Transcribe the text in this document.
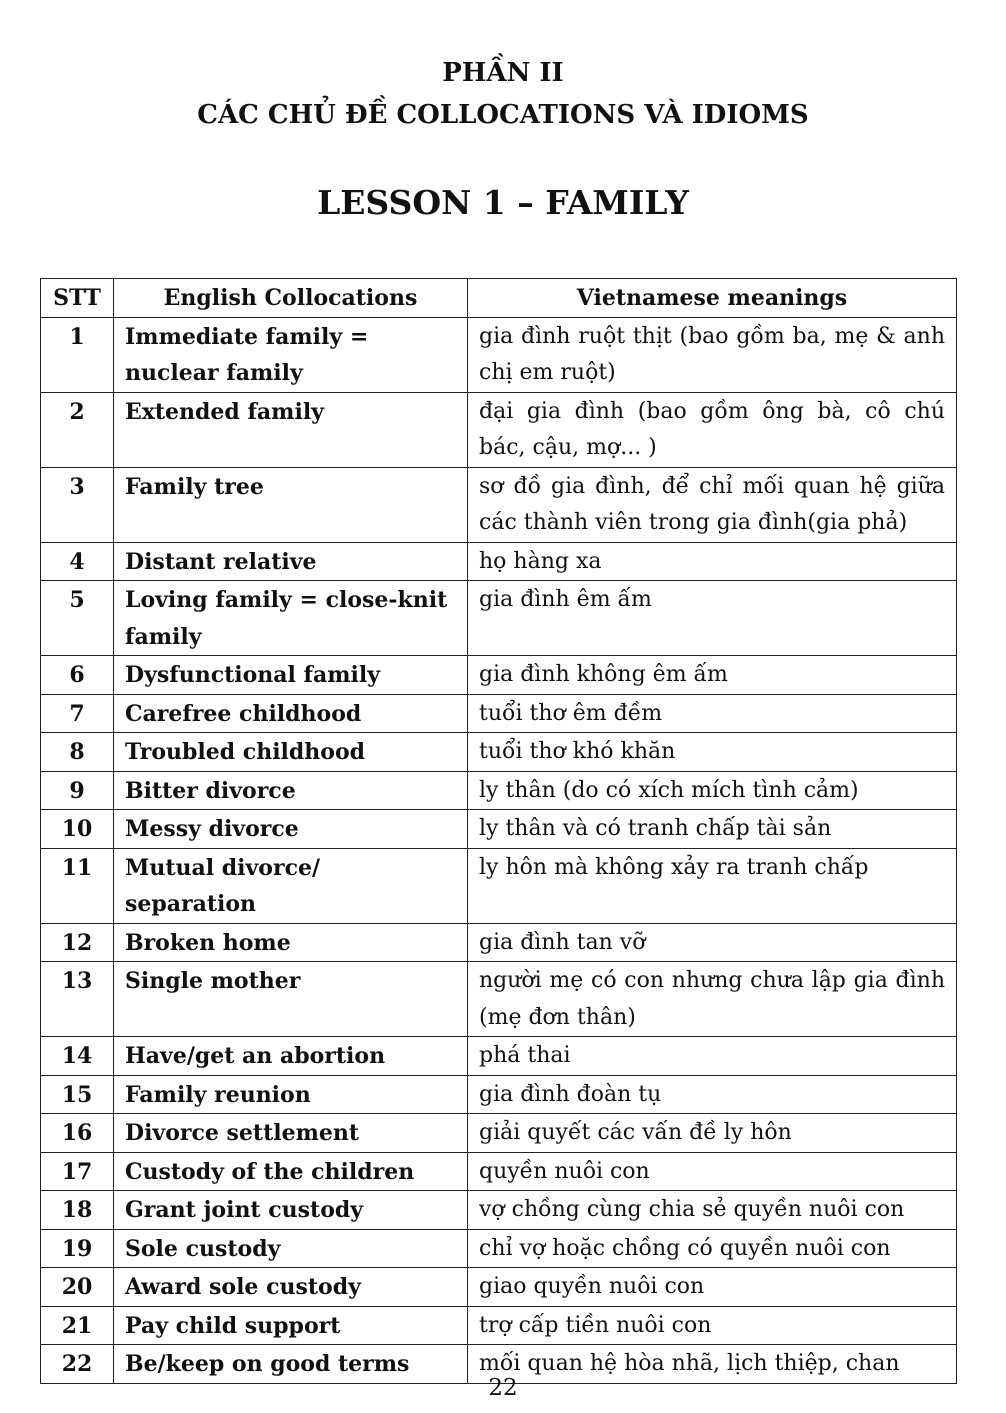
PHẦN II
CÁC CHỦ ĐỀ COLLOCATIONS VÀ IDIOMS
LESSON 1 – FAMILY
STT	English Collocations	Vietnamese meanings
1	Immediate family = nuclear family	gia đình ruột thịt (bao gồm ba, mẹ & anh chị em ruột)
2	Extended family	đại gia đình (bao gồm ông bà, cô chú bác, cậu, mợ... )
3	Family tree	sơ đồ gia đình, để chỉ mối quan hệ giữa các thành viên trong gia đình(gia phả)
4	Distant relative	họ hàng xa
5	Loving family = close-knit family	gia đình êm ấm
6	Dysfunctional family	gia đình không êm ấm
7	Carefree childhood	tuổi thơ êm đềm
8	Troubled childhood	tuổi thơ khó khăn
9	Bitter divorce	ly thân (do có xích mích tình cảm)
10	Messy divorce	ly thân và có tranh chấp tài sản
11	Mutual divorce/ separation	ly hôn mà không xảy ra tranh chấp
12	Broken home	gia đình tan vỡ
13	Single mother	người mẹ có con nhưng chưa lập gia đình (mẹ đơn thân)
14	Have/get an abortion	phá thai
15	Family reunion	gia đình đoàn tụ
16	Divorce settlement	giải quyết các vấn đề ly hôn
17	Custody of the children	quyền nuôi con
18	Grant joint custody	vợ chồng cùng chia sẻ quyền nuôi con
19	Sole custody	chỉ vợ hoặc chồng có quyền nuôi con
20	Award sole custody	giao quyền nuôi con
21	Pay child support	trợ cấp tiền nuôi con
22	Be/keep on good terms	mối quan hệ hòa nhã, lịch thiệp, chan
22
